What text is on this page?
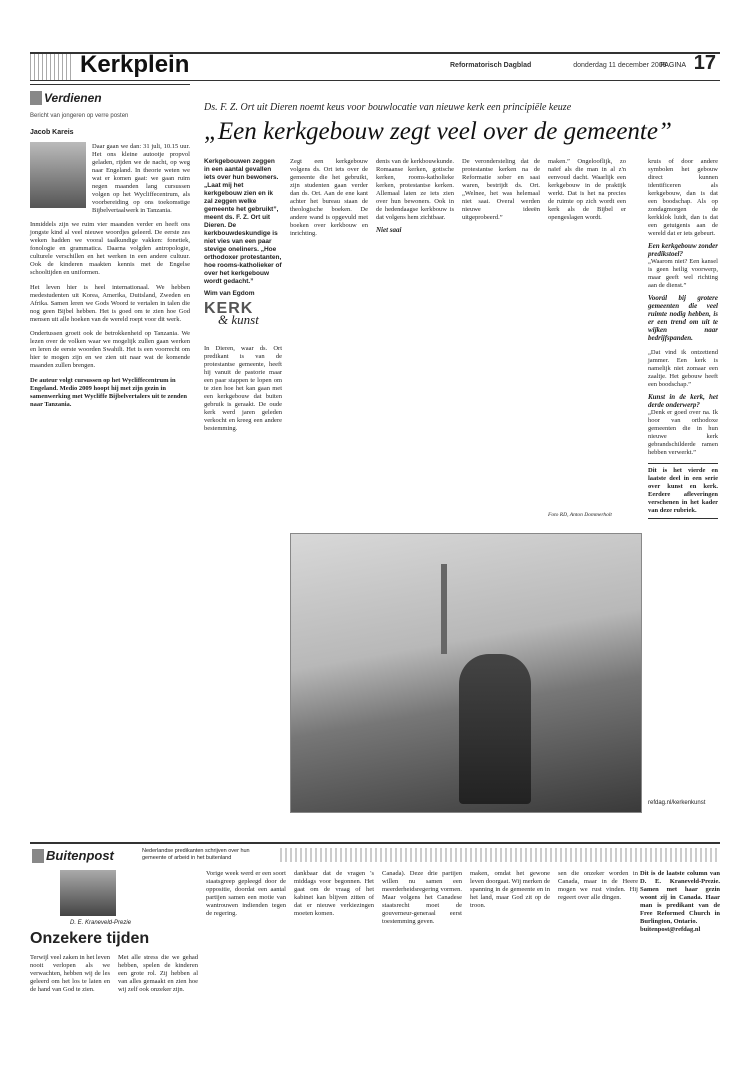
Kerkplein	Reformatorisch Dagblad	donderdag 11 december 2008
PAGINA 17
Verdienen
Bericht van jongeren op verre posten
Jacob Kareis

Daar gaan we dan: 31 juli, 10.15 uur. Het ons kleine autootje propvol geladen, rijden we de nacht, op weg naar Engeland. In theorie weten we wat er komen gaat: we gaan ruim negen maanden lang cursussen volgen op het Wycliffecentrum, als voorbereiding op ons toekomstige Bijbelvertaalwerk in Tanzania.

Inmiddels zijn we ruim vier maanden verder en heeft ons jongste kind al veel nieuwe woordjes geleerd. De eerste zes weken hadden we vooral taalkundige vakken: fonetiek, fonologie en grammatica. Daarna volgden antropologie, culturele verschillen en het werken in een andere cultuur. Ook de kinderen maakten kennis met de Engelse schooltijden en uniformen.

Het leven hier is heel internationaal. We hebben medestudenten uit Korea, Amerika, Duitsland, Zweden en Afrika. Samen leren we Gods Woord te vertalen in talen die nog geen Bijbel hebben. Het is goed om te zien hoe God mensen uit alle hoeken van de wereld roept voor dit werk.

Ondertussen groeit ook de betrokkenheid op Tanzania. We lezen over de volken waar we mogelijk zullen gaan werken en leren de eerste woorden Swahili. Het is een voorrecht om hier te mogen zijn en we zien uit naar wat de komende maanden zullen brengen.

De auteur volgt cursussen op het Wycliffecentrum in Engeland. Medio 2009 hoopt hij met zijn gezin in samenwerking met Wycliffe Bijbelvertalers uit te zenden naar Tanzania.
Ds. F. Z. Ort uit Dieren noemt keus voor bouwlocatie van nieuwe kerk een principiële keuze
„Een kerkgebouw zegt veel over de gemeente”
Kerkgebouwen zeggen in een aantal gevallen iets over hun bewoners. „Laat mij het kerkgebouw zien en ik zal zeggen welke gemeente het gebruikt”, meent ds. F. Z. Ort uit Dieren. De kerkbouwdeskundige is niet vies van een paar stevige oneliners. „Hoe orthodoxer protestanten, hoe rooms-katholieker of over het kerkgebouw wordt gedacht.”
Wim van Egdom
KERK
& kunst
In Dieren, waar ds. Ort predikant is van de protestantse gemeente, heeft hij vanuit de pastorie maar een paar stappen te lopen om te zien hoe het kan gaan met een kerkgebouw dat buiten gebruik is geraakt. De oude kerk werd jaren geleden verkocht en kreeg een andere bestemming.
Zegt een kerkgebouw volgens ds. Ort iets over de gemeente die het gebruikt, zijn studenten gaan verder dan ds. Ort. Aan de ene kant achter het bureau staan de theologische boeken. De andere wand is opgevuld met boeken over kerkbouw en inrichting.
denis van de kerkbouwkunde. Romaanse kerken, gotische kerken, rooms-katholieke kerken, protestantse kerken. Allemaal laten ze iets zien over hun bewoners. Ook in de hedendaagse kerkbouw is dat volgens hem zichtbaar.
Niet saai
De verondersteling dat de protestantse kerken na de Reformatie sober en saai waren, bestrijdt ds. Ort. „Welnee, het was helemaal niet saai. Overal werden nieuwe ideeën uitgeprobeerd.”
maken.” Ongelooflijk, zo naïef als die man in al z'n eenvoud dacht. Waarlijk een kerkgebouw in de praktijk werkt. Dat is het na precies de ruimte op zich wordt een kerk als de Bijbel er opengeslagen wordt.

kruis of door andere symbolen het gebouw direct kunnen identificeren als kerkgebouw, dan is dat een boodschap. Als op zondagmorgen de kerkklok luidt, dan is dat een getuigenis aan de wereld dat er iets gebeurt.

Een kerkgebouw zonder predikstoel?

„Waarom niet? Een kansel is geen heilig voorwerp, maar geeft wel richting aan de dienst.”

Voorál bij grotere gemeenten die veel ruimte nodig hebben, is er een trend om uit te wijken naar bedrijfspanden.

„Dat vind ik ontzettend jammer. Een kerk is namelijk niet zomaar een zaaltje. Het gebouw heeft een boodschap.”

Kunst in de kerk, het derde onderwerp?

„Denk er goed over na. Ik hoor van orthodoxe gemeenten die in hun nieuwe kerk gebrandschilderde ramen hebben verwerkt.”

Dit is het vierde en laatste deel in een serie over kunst en kerk. Eerdere afleveringen verschenen in het kader van deze rubriek.
refdag.nl/kerkenkunst
Foto RD, Anton Dommerholt
Buitenpost	Nederlandse predikanten schrijven over hun gemeente of arbeid in het buitenland
D. E. Kraneveld-Prezie
Onzekere tijden
Terwijl veel zaken in het leven nooit verlopen als we verwachten, hebben wij de les geleerd om het los te laten en de hand van God te zien.
Met alle stress die we gehad hebben, spelen de kinderen een grote rol. Zij hebben al van alles gemaakt en zien hoe wij zelf ook onzeker zijn.
Vorige week werd er een soort staatsgreep gepleegd door de oppositie, doordat een aantal partijen samen een motie van wantrouwen indienden tegen de regering.
dankbaar dat de vragen 's middags voor begonnen. Het gaat om de vraag of het kabinet kan blijven zitten of dat er nieuwe verkiezingen moeten komen.
Canada). Deze drie partijen willen nu samen een meerderheidsregering vormen. Maar volgens het Canadese staatsrecht moet de gouverneur-generaal eerst toestemming geven.
maken, omdat het gewone leven doorgaat. Wij merken de spanning in de gemeente en in het land, maar God zit op de troon.
sen die onzeker worden in Canada, maar in de Heere mogen we rust vinden. Hij regeert over alle dingen.
Dit is de laatste column van D. E. Kraneveld-Prezie. Samen met haar gezin woont zij in Canada. Haar man is predikant van de Free Reformed Church in Burlington, Ontario.
buitenpost@refdag.nl
